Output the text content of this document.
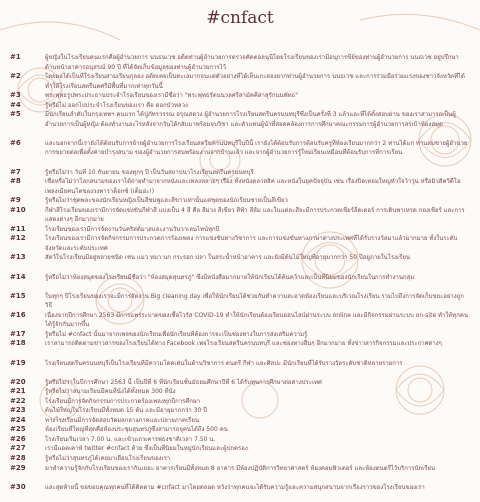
#cnfact
#1	ผู้หญิงในโรงเรียนคนแรกคือผู้อำนวยการ นนธนเวช อดีตท่านผู้อำนวยการตรวจคัดตอลนุนีโดยโรงเรียนของเรามีอนุการขีย์ของท่านผู้อำนวยการ นนธเวช อยู่ปรึกษาด้านหน้าอาคารอนุสรณ์ 90 ปี ที่ได้จัดเก็บข้อมูลของท่านผู้อำนวยการไว้
#2	โดยผลได้เป็นที่โรงเรียนสามเรียนกุลอง อดีตเคยเป็นทะเลมากจนแต่ตัวอย่างที่ได้เห็นเกะสองยากท่านผู้อำนวยการ นนธเวช และการร่วมมือร่วมแรงของชาวจังหวัดที่ได้ทำให้โรงเรียนสตรีนคศรีมีพื้นที่มากเท่าทุกวันนี้
#3	พระพุทธรูปพระประธานประจำโรงเรียนของเรามีชื่อว่า "พระพุทธรัตนนวลศรีสามัคคีสาสุรักนนพัทธ"
#4	รู้หรือไม่ ออกไปประจำโรงเรียนของเรา คือ ดอกบัวหลวง
#5	มีนักเรียนลำดับในกรุงเทพฯ คนแรก ได้ปู่ภัทรวรรณ อรุณสดวง ผู้อำนวยการโรงเรียนสตรีนครนนทบุรีซึ่งเป็นครั้งที่ 3 แล้วและที่ได้ตั้งสอบผ่าน ของเราสามารถเป็นผู้อำนวยการเป็นผู้หญิง ต้องทำงานอะไรหลังจากวันได้กลับมาพร้อมจบวิชา และตัวแทนผู้นำที่สอดคล้องการการศึกษาคณะกรรมการผู้อำนวยการสรเบ้าห้องสมุด
#6	และนอกจากนี้เรายังได้ต้อนรับการย้ายผู้อำนวยการโรงเรียนสตรีนครนนทบุรีในปีนี้ เรายังได้ต้อนรับการต้อนรับครูที่ห้องเรียนมากกว่า 2 ท่านได้แก่ ท่านสมชายผู้อำนวยการขยายต่อเพื่อตั้งค่ายบำรุงสนาม ของผู้อำนวยการสนพร้อมงานจากบ้านแล้ว และจากผู้อำนวยการรู้ใหม่เรียนเหมือนที่ต้อนรับการที่การเรียน
#7	รู้หรือไม่ว่า วันที่ 10 กันยายน ของทุกๆ ปี เป็นวันสถาปนาโรงเรียนสตรีนครนนทบุรี
#8	เชื่อหรือไม่ว่าโลกสนามของเราได้ถ่ายทำมาจากหนังและเพลงหลายๆ เรื่อง ทั้งหนังคลาสสิค และหนังในยุคปัจจุบัน เช่น เรื่องปิดเทอมใหญ่หัวใจว้าวุ่น หรือมิวสิควิดีโอ เพลงเมียคนโตของวงพาราด็อกซ์ (เต็มอ่ะ!)
#9	รู้หรือไม่ว่าชุดพละของนักเรียนหญิงเป็นสีชมพูและสีขาวเท่านั้นแต่ชุดของนักเรียนชายเป็นสีเขียว
#10	กีฬาสีโรงเรียนของเรามีการจัดแข่งขันกีฬาสี แบ่งเป็น 4 สี คือ สีม่วง สีเขียว สีฟ้า สีส้ม และในแต่ละสีจะมีการประกวดเชียร์ลีดเดอร์ การเดินพาเหรด กองเชียร์ และการแสดงต่างๆ อีกมากมาย
#11	โรงเรียนของเรามีการจัดงานวันคริสต์มาสและงานวันวาเลนไทน์ทุกปี
#12	โรงเรียนของเรามีการจัดกิจกรรมการประกวดการร้องเพลง การแข่งขันทางวิชาการ และการแข่งขันทางภาษาต่างประเทศที่ได้รับรางวัลมาแล้วมากมาย ทั้งในระดับจังหวัดและระดับประเทศ
#13	สัตว์ในโรงเรียนมีอยู่หลายชนิด เช่น แมว หมา นก กระรอก ปลา ในสระน้ำหน้าอาคาร และยังมีต้นไม้ใหญ่ที่อายุมากกว่า 50 ปีอยู่ภายในโรงเรียน
#14	รู้หรือไม่ว่าห้องสมุดของโรงเรียนมีชื่อว่า "ห้องสมุดสุนทรภู่" ซึ่งมีหนังสือมากมายให้นักเรียนได้ค้นคว้าและเป็นที่นิยมของนักเรียนในการทำงานกลุ่ม
#15	ในทุกๆ ปีโรงเรียนของเราจะมีการจัดงาน Big cleaning day เพื่อให้นักเรียนได้ช่วยกันทำความสะอาดห้องเรียนและบริเวณโรงเรียน รวมไปถึงการจัดเก็บขยะอย่างถูกวิธี
#16	เนื่องจากปีการศึกษา 2563 มีการแพร่ระบาดของเชื้อไวรัส COVID-19 ทำให้นักเรียนต้องเรียนออนไลน์ผ่านระบบ online และมีกิจกรรมผ่านระบบ on-site ทำให้ทุกคนได้รู้จักกันมากขึ้น
#17	รู้หรือไม่ #cnfact นั้นมาจากเพจของนักเรียนเพื่อนักเรียนที่ต้องการจะเป็นช่องทางในการส่งเสริมความรู้
#18	เราสามารถติดตามข่าวสารของโรงเรียนได้ทาง Facebook เพจโรงเรียนสตรีนครนนทบุรี และช่องทางอื่นๆ อีกมากมาย ทั้งข่าวสารกิจกรรมและประกาศต่างๆ
#19	โรงเรียนสตรีนครนนทบุรีเป็นโรงเรียนที่มีความโดดเด่นในด้านวิชาการ ดนตรี กีฬา และศิลปะ มีนักเรียนที่ได้รับรางวัลระดับชาติหลายรายการ
#20	รู้หรือไม่ว่าในปีการศึกษา 2563 นี้ เป็นปีที่ 6 ที่นักเรียนชั้นมัธยมศึกษาปีที่ 6 ได้รับทุนการศึกษาต่อต่างประเทศ
#21	รู้หรือไม่ว่าสนามเรียนมีคนที่นั่งได้ทั้งหมด 300 ที่นั่ง
#22	โรงเรียนมีการจัดกิจกรรมการประกวดร้องเพลงทุกปีการศึกษา
#23	ต้นไม้ใหญ่ในโรงเรียนมีทั้งหมด 15 ต้น และมีอายุมากกว่า 30 ปี
#24	ทางโรงเรียนมีการจัดสอบวัดผลกลางภาคและปลายภาคเรียน
#25	ห้องเรียนที่ใหญ่ที่สุดคือห้องประชุมสุนทรภู่ซึ่งสามารถจุคนได้ถึง 500 คน
#26	โรงเรียนเริ่มเวลา 7.00 น. และเข้าแถวเคารพธงชาติเวลา 7.50 น.
#27	เรามีแอคเคาท์ twitter #cnfact ด้วย ซึ่งเป็นที่นิยมในหมู่นักเรียนและผู้ปกครอง
#28	รู้หรือไม่ว่าสุนทรภู่ได้เคยมาเยือนโรงเรียนของเรา
#29	มาทำความรู้จักกับโรงเรียนของเรากันเถอะ อาคารเรียนมีทั้งหมด 8 อาคาร มีห้องปฏิบัติการวิทยาศาสตร์ ห้องคอมพิวเตอร์ และห้องดนตรีไว้บริการนักเรียน
#30	และสุดท้ายนี้ ขอขอบคุณทุกคนที่ได้ติดตาม #cnfact มาโดยตลอด หวังว่าทุกคนจะได้รับความรู้และความสนุกสนานจากเรื่องราวของโรงเรียนของเรา
